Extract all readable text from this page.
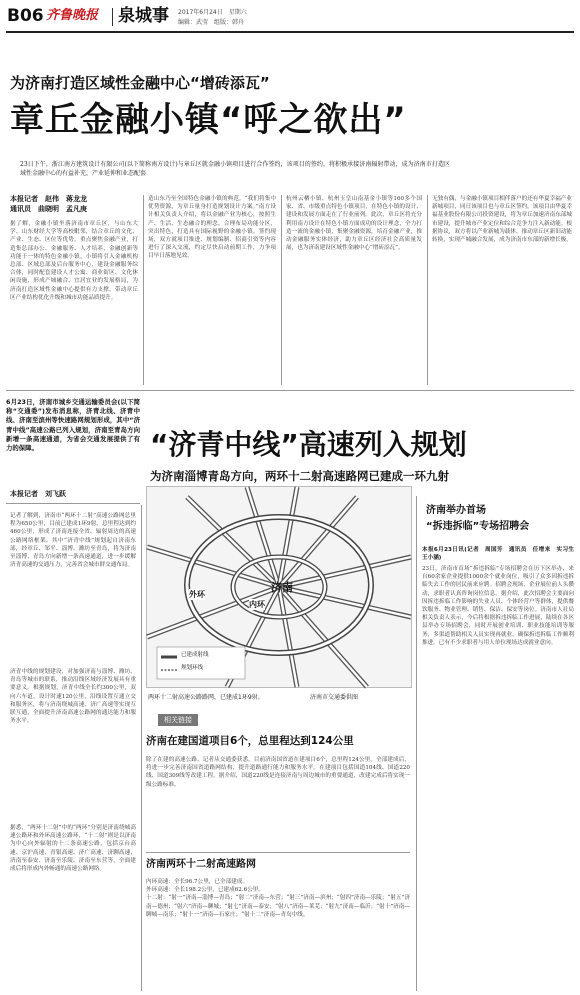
B06 齐鲁晚报 泉城事 2017年6月24日　星期六
编辑：武莹　组版：韩舟
为济南打造区域性金融中心“增砖添瓦”
章丘金融小镇“呼之欲出”
23日下午，浙江南方建筑设计有限公司(以下简称南方设计)与章丘区就金融小镇项目进行合作签约，该项目的签约，将积极承接济南辐射带动，成为济南市打造区域性金融中心的有益补充，产业延伸和业态配套
本报记者　赵伟　蒋龙龙
通讯员　曲晓明　孟凡庚
据了解，金融小镇坐落济南市章丘区，与山东大学、山东财经大学等高校毗邻，结合章丘的文化、产业、生态、区位等优势，重点聚焦金融产业，打造集总部办公、金融服务、人才培养、金融创新等功能于一体的特色金融小镇。小镇将引入金融机构总部、区域总部及后台服务中心，建设金融服务综合体，同时配套建设人才公寓、商业街区、文化休闲设施，形成产城融合、宜居宜业的发展格局，为济南打造区域性金融中心提供有力支撑，带动章丘区产业结构优化升级和城市功能品质提升。
造山东乃至全国特色金融小镇的典范。“我们将集中优势资源，为章丘量身打造规划设计方案。”南方设计相关负责人介绍，将以金融产业为核心，按照生产、生活、生态融合的理念，合理布局功能分区，突出特色，打造具有国际视野的金融小镇。签约现场，双方就项目推进、规划编制、招商引资等内容进行了深入交流，约定尽快启动前期工作，力争项目早日落地见效。
杭州云栖小镇、杭州玉皇山南基金小镇等160多个国家、省、市级重点特色小镇项目，在特色小镇的设计、建设和发展方面走在了行业前列。此次，章丘区将充分利用南方设计在特色小镇方面成功的设计理念，全力打造一流的金融小镇，集聚金融资源，培育金融产业，推动金融服务实体经济，助力章丘区经济社会高质量发展，也为济南建设区域性金融中心“增砖添瓦”。
无独有偶，与金融小镇项目相伴落户的还有华夏幸福产业新城项目，同日该项目也与章丘区签约。该项目由华夏幸福基业股份有限公司投资建设，将为章丘加速济南东部城市建设，提升城市产业定位和综合竞争力注入新动能。根据协议，双方将以产业新城为载体，推动章丘区新旧动能转换，实现产城融合发展，成为济南市东部的新增长极。
6月23日，济南市城乡交通运输委员会(以下简称“交通委”)发布消息称，济青北线、济青中线、济南至滨州等快速路网规划形成，其中“济青中线”高速公路已列入规划，济南至青岛方向新增一条高速通道，为省会交通发展提供了有力的保障。
本报记者　刘飞跃
“济青中线”高速列入规划
为济南淄博青岛方向，两环十二射高速路网已建成一环九射
记者了解到，济南市“两环十二射”高速公路网总里程为650公里，目前已建成1环9射，总里程达到约460公里，形成了济南连接全省、辐射周边的高速公路网络框架。其中“济青中线”规划起自济南东部，经章丘、邹平、淄博、潍坊至青岛，将为济南至淄博、青岛方向新增一条高速通道，进一步缓解济青高速的交通压力，完善省会城市群交通布局。
济青中线的规划建设，对加强济南与淄博、潍坊、青岛等城市的联系，推动沿线区域经济发展具有重要意义。根据规划，济青中线全长约300公里，双向六车道，设计时速120公里，沿线设置互通立交和服务区，将与济南绕城高速、济广高速等实现互联互通，全面提升济南高速公路网的通达能力和服务水平。
据悉，“两环十二射”中的“两环”分别是济南绕城高速公路环和外环高速公路环，“十二射”则是以济南为中心向外辐射的十二条高速公路，包括京台高速、京沪高速、青银高速、济广高速、济聊高速、济南至泰安、济南至乐陵、济南至东营等，全面建成后将形成内外畅通的高速公路网络。
济南
内环
外环
已建成射线
规划环线
两环十二射高速公路路网，已建成1环9射。	济南市交通委供图
相关链接
济南在建国道项目6个，总里程达到124公里
除了在建的高速公路，记者从交通委获悉，目前济南国省道在建项目6个，总里程124公里。全部建成后，将进一步完善济南国省道路网结构，提升道路通行能力和服务水平。在建项目包括国道104线、国道220线、国道309线等改建工程。据介绍，国道220线是连接济南与周边城市的重要通道，改建完成后将实现一级公路标准。
济南两环十二射高速路网
内环高速：全长96.7公里，已全部建成。
外环高速：全长198.2公里，已建成62.6公里。
十二射：“射一”济南—淄博—青岛；“射二”济南—东营；“射三”济南—滨州；“射四”济南—乐陵；“射五”济南—德州；“射六”济南—聊城；“射七”济南—泰安；“射八”济南—莱芜；“射九”济南—临沂；“射十”济南—聊城—南乐；“射十一”济南—石家庄；“射十二”济南—青岛中线。
济南举办首场
“拆违拆临”专场招聘会
本报6月23日讯(记者　周国芳　通讯员　任增来　实习生　王小涵)
23日，济南市首场“拆违拆临”专场招聘会在历下区举办，来自60余家企业提供1000余个就业岗位，吸引了众多因拆违拆临失去工作的居民前来应聘。招聘会现场，企业展位前人头攒动，求职者认真咨询岗位信息。据介绍，此次招聘会主要面向因拆违拆临工作影响的失业人员、个体经营户等群体，提供餐饮服务、物业管理、销售、保洁、保安等岗位。济南市人社局相关负责人表示，今后将根据拆违拆临工作进展，陆续在各区县举办专场招聘会，同时开展创业培训、职业技能培训等服务，多渠道帮助相关人员实现再就业，确保拆违拆临工作顺利推进。已有不少求职者与用人单位现场达成就业意向。
